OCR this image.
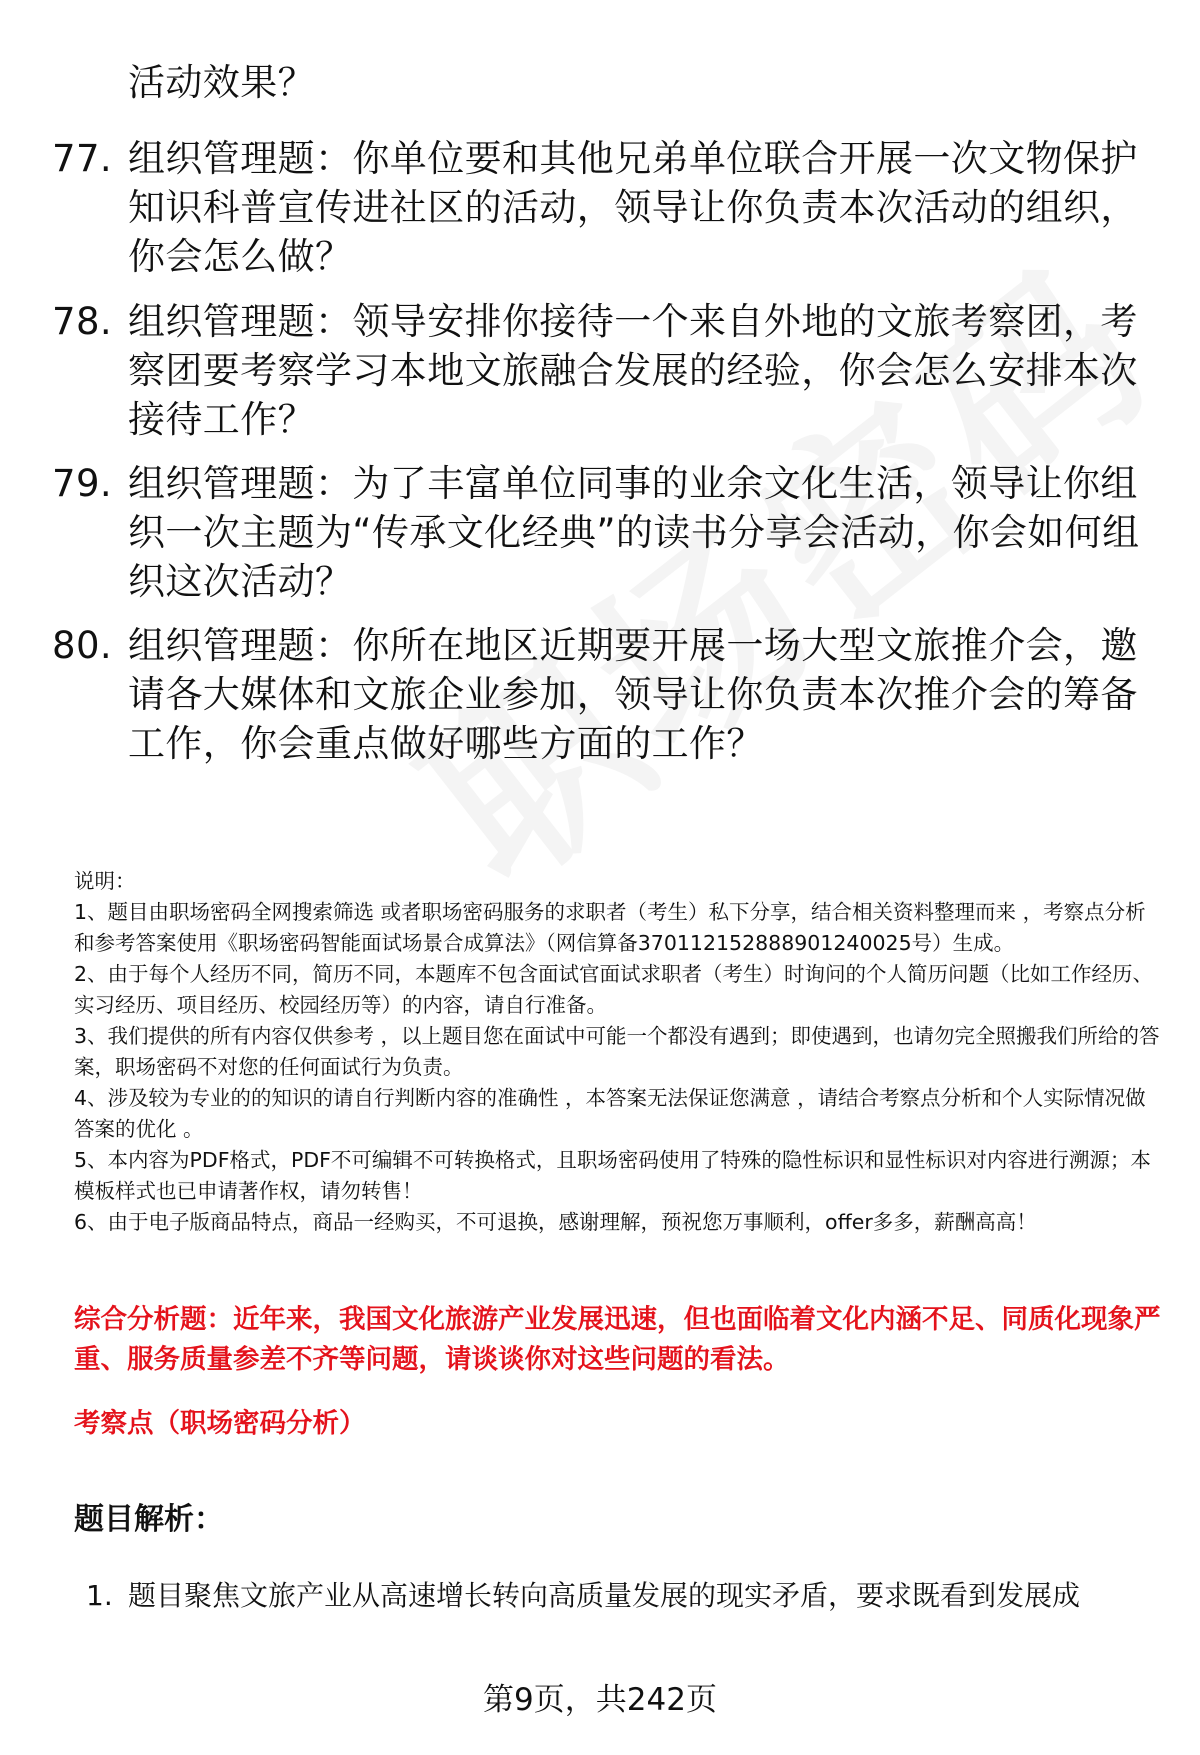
活动效果？
77. 组织管理题：你单位要和其他兄弟单位联合开展一次文物保护知识科普宣传进社区的活动，领导让你负责本次活动的组织，你会怎么做？
78. 组织管理题：领导安排你接待一个来自外地的文旅考察团，考察团要考察学习本地文旅融合发展的经验，你会怎么安排本次接待工作？
79. 组织管理题：为了丰富单位同事的业余文化生活，领导让你组织一次主题为“传承文化经典”的读书分享会活动，你会如何组织这次活动？
80. 组织管理题：你所在地区近期要开展一场大型文旅推介会，邀请各大媒体和文旅企业参加，领导让你负责本次推介会的筹备工作，你会重点做好哪些方面的工作？
说明：
1、题目由职场密码全网搜索筛选 或者职场密码服务的求职者（考生）私下分享，结合相关资料整理而来 ，考察点分析和参考答案使用《职场密码智能面试场景合成算法》（网信算备370112152888901240025号）生成。
2、由于每个人经历不同，简历不同，本题库不包含面试官面试求职者（考生）时询问的个人简历问题（比如工作经历、实习经历、项目经历、校园经历等）的内容，请自行准备。
3、我们提供的所有内容仅供参考 ，以上题目您在面试中可能一个都没有遇到；即使遇到，也请勿完全照搬我们所给的答案，职场密码不对您的任何面试行为负责。
4、涉及较为专业的的知识的请自行判断内容的准确性 ，本答案无法保证您满意 ，请结合考察点分析和个人实际情况做答案的优化 。
5、本内容为PDF格式，PDF不可编辑不可转换格式，且职场密码使用了特殊的隐性标识和显性标识对内容进行溯源；本模板样式也已申请著作权，请勿转售！
6、由于电子版商品特点，商品一经购买，不可退换，感谢理解，预祝您万事顺利，offer多多，薪酬高高！
综合分析题：近年来，我国文化旅游产业发展迅速，但也面临着文化内涵不足、同质化现象严重、服务质量参差不齐等问题，请谈谈你对这些问题的看法。
考察点（职场密码分析）
题目解析：
1. 题目聚焦文旅产业从高速增长转向高质量发展的现实矛盾，要求既看到发展成
第9页，共242页
